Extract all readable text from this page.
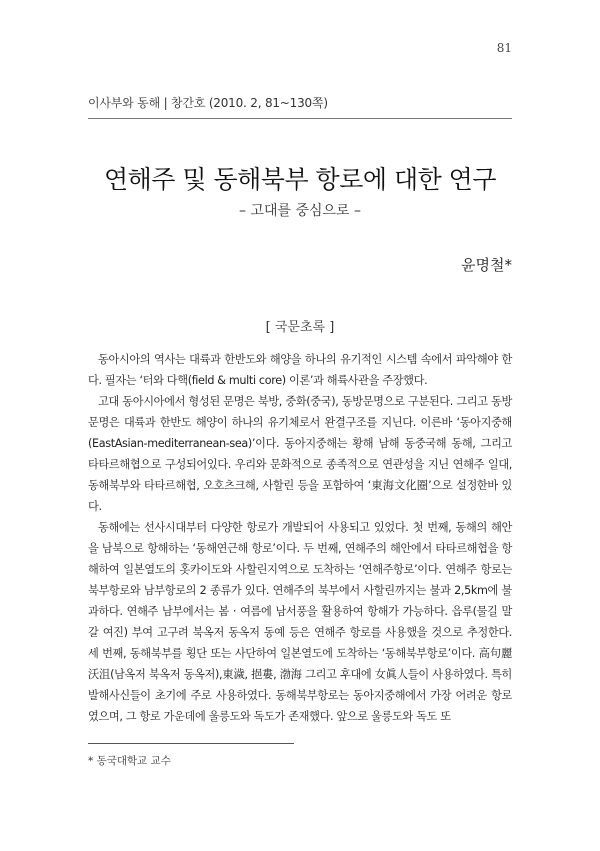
81
이사부와 동해 | 창간호 (2010. 2, 81~130쪽)
연해주 및 동해북부 항로에 대한 연구
– 고대를 중심으로 –
윤명철*
[ 국문초록 ]

동아시아의 역사는 대륙과 한반도와 해양을 하나의 유기적인 시스템 속에서 파악해야 한다. 필자는 ‘터와 다핵(field & multi core) 이론’과 해륙사관을 주장했다.

고대 동아시아에서 형성된 문명은 북방, 중화(중국), 동방문명으로 구분된다. 그리고 동방문명은 대륙과 한반도 해양이 하나의 유기체로서 완결구조를 지닌다. 이른바 ‘동아지중해(EastAsian-mediterranean-sea)’이다. 동아지중해는 황해 남해 동중국해 동해, 그리고 타타르해협으로 구성되어있다. 우리와 문화적으로 종족적으로 연관성을 지닌 연해주 일대, 동해북부와 타타르해협, 오호츠크해, 사할린 등을 포함하여 ‘東海文化圈’으로 설정한바 있다.

동해에는 선사시대부터 다양한 항로가 개발되어 사용되고 있었다. 첫 번째, 동해의 해안을 남북으로 항해하는 ‘동해연근해 항로’이다. 두 번째, 연해주의 해안에서 타타르해협을 항해하여 일본열도의 홋카이도와 사할린지역으로 도착하는 ‘연해주항로’이다. 연해주 항로는 북부항로와 남부항로의 2 종류가 있다. 연해주의 북부에서 사할린까지는 불과 2,5km에 불과하다. 연해주 남부에서는 봄 · 여름에 남서풍을 활용하여 항해가 가능하다. 읍루(물길 말갈 여진) 부여 고구려 북옥저 동옥저 동예 등은 연해주 항로를 사용했을 것으로 추정한다. 세 번째, 동해북부를 횡단 또는 사단하여 일본열도에 도착하는 ‘동해북부항로’이다. 高句麗 沃沮(남옥저 북옥저 동옥저),東濊, 挹婁, 渤海 그리고 후대에 女眞人들이 사용하였다. 특히 발해사신들이 초기에 주로 사용하였다. 동해북부항로는 동아지중해에서 가장 어려운 항로였으며, 그 항로 가운데에 울릉도와 독도가 존재했다. 앞으로 울릉도와 독도 또

* 동국대학교 교수
